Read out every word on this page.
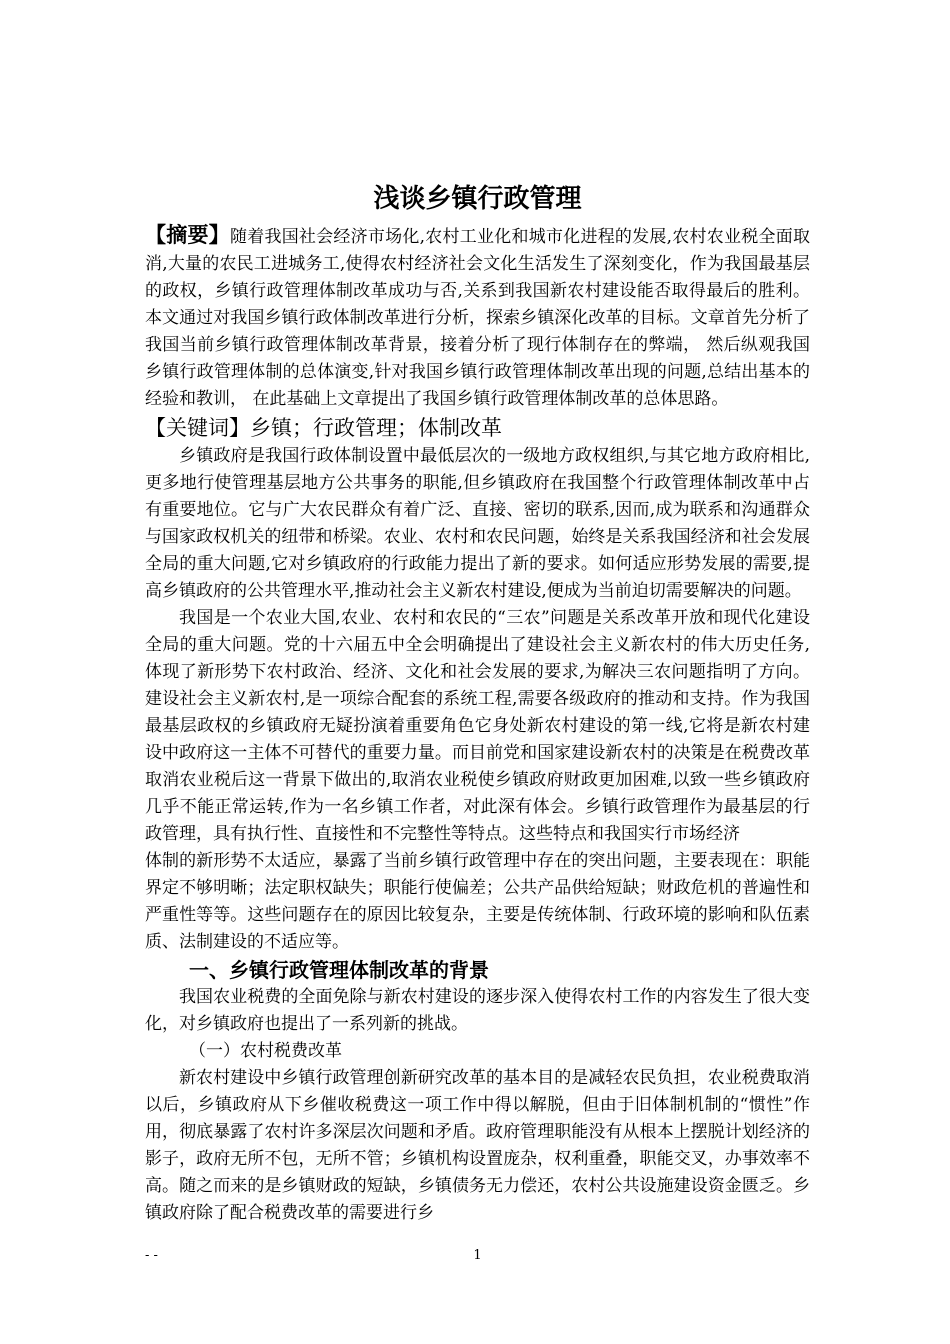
浅谈乡镇行政管理

【摘要】随着我国社会经济市场化,农村工业化和城市化进程的发展,农村农业税全面取消,大量的农民工进城务工,使得农村经济社会文化生活发生了深刻变化，作为我国最基层的政权，乡镇行政管理体制改革成功与否,关系到我国新农村建设能否取得最后的胜利。本文通过对我国乡镇行政体制改革进行分析，探索乡镇深化改革的目标。文章首先分析了我国当前乡镇行政管理体制改革背景，接着分析了现行体制存在的弊端， 然后纵观我国乡镇行政管理体制的总体演变,针对我国乡镇行政管理体制改革出现的问题,总结出基本的经验和教训， 在此基础上文章提出了我国乡镇行政管理体制改革的总体思路。

【关键词】乡镇；行政管理；体制改革

乡镇政府是我国行政体制设置中最低层次的一级地方政权组织,与其它地方政府相比,更多地行使管理基层地方公共事务的职能,但乡镇政府在我国整个行政管理体制改革中占有重要地位。它与广大农民群众有着广泛、直接、密切的联系,因而,成为联系和沟通群众与国家政权机关的纽带和桥梁。农业、农村和农民问题，始终是关系我国经济和社会发展全局的重大问题,它对乡镇政府的行政能力提出了新的要求。如何适应形势发展的需要,提高乡镇政府的公共管理水平,推动社会主义新农村建设,便成为当前迫切需要解决的问题。

我国是一个农业大国,农业、农村和农民的“三农”问题是关系改革开放和现代化建设全局的重大问题。党的十六届五中全会明确提出了建设社会主义新农村的伟大历史任务,体现了新形势下农村政治、经济、文化和社会发展的要求,为解决三农问题指明了方向。建设社会主义新农村,是一项综合配套的系统工程,需要各级政府的推动和支持。作为我国最基层政权的乡镇政府无疑扮演着重要角色它身处新农村建设的第一线,它将是新农村建设中政府这一主体不可替代的重要力量。而目前党和国家建设新农村的决策是在税费改革取消农业税后这一背景下做出的,取消农业税使乡镇政府财政更加困难,以致一些乡镇政府几乎不能正常运转,作为一名乡镇工作者，对此深有体会。乡镇行政管理作为最基层的行政管理，具有执行性、直接性和不完整性等特点。这些特点和我国实行市场经济

体制的新形势不太适应，暴露了当前乡镇行政管理中存在的突出问题，主要表现在：职能界定不够明晰；法定职权缺失；职能行使偏差；公共产品供给短缺；财政危机的普遍性和严重性等等。这些问题存在的原因比较复杂，主要是传统体制、行政环境的影响和队伍素质、法制建设的不适应等。

一、乡镇行政管理体制改革的背景

我国农业税费的全面免除与新农村建设的逐步深入使得农村工作的内容发生了很大变化，对乡镇政府也提出了一系列新的挑战。

（一）农村税费改革

新农村建设中乡镇行政管理创新研究改革的基本目的是减轻农民负担，农业税费取消以后，乡镇政府从下乡催收税费这一项工作中得以解脱，但由于旧体制机制的“惯性”作用，彻底暴露了农村许多深层次问题和矛盾。政府管理职能没有从根本上摆脱计划经济的影子，政府无所不包，无所不管；乡镇机构设置庞杂，权利重叠，职能交叉，办事效率不高。随之而来的是乡镇财政的短缺，乡镇债务无力偿还，农村公共设施建设资金匮乏。乡镇政府除了配合税费改革的需要进行乡

- -	1
